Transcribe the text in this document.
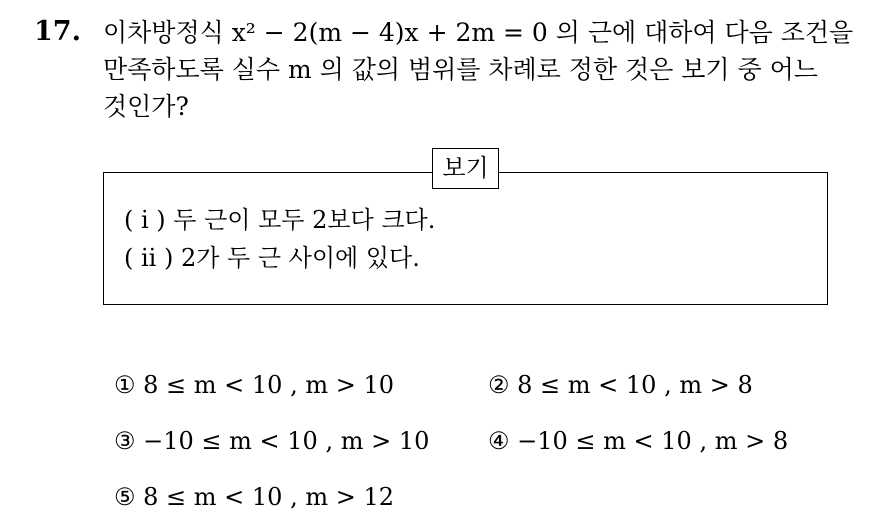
17. 이차방정식 x² − 2(m − 4)x + 2m = 0 의 근에 대하여 다음 조건을
만족하도록 실수 m 의 값의 범위를 차례로 정한 것은 보기 중 어느
것인가?
보기
( i ) 두 근이 모두 2보다 크다.
( ii ) 2가 두 근 사이에 있다.
① 8 ≤ m < 10 , m > 10	② 8 ≤ m < 10 , m > 8
③ −10 ≤ m < 10 , m > 10 ④ −10 ≤ m < 10 , m > 8
⑤ 8 ≤ m < 10 , m > 12
